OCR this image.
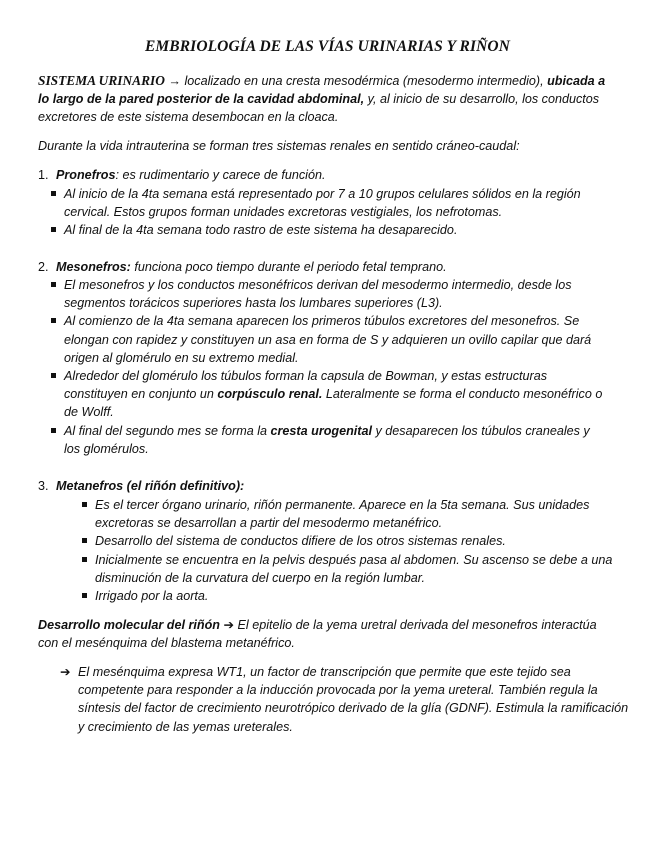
EMBRIOLOGÍA DE LAS VÍAS URINARIAS Y RIÑON
SISTEMA URINARIO → localizado en una cresta mesodérmica (mesodermo intermedio), ubicada a lo largo de la pared posterior de la cavidad abdominal, y, al inicio de su desarrollo, los conductos excretores de este sistema desembocan en la cloaca.
Durante la vida intrauterina se forman tres sistemas renales en sentido cráneo-caudal:
1. Pronefros: es rudimentario y carece de función.
Al inicio de la 4ta semana está representado por 7 a 10 grupos celulares sólidos en la región cervical. Estos grupos forman unidades excretoras vestigiales, los nefrotomas.
Al final de la 4ta semana todo rastro de este sistema ha desaparecido.
2. Mesonefros: funciona poco tiempo durante el periodo fetal temprano.
El mesonefros y los conductos mesonéfricos derivan del mesodermo intermedio, desde los segmentos torácicos superiores hasta los lumbares superiores (L3).
Al comienzo de la 4ta semana aparecen los primeros túbulos excretores del mesonefros. Se elongan con rapidez y constituyen un asa en forma de S y adquieren un ovillo capilar que dará origen al glomérulo en su extremo medial.
Alrededor del glomérulo los túbulos forman la capsula de Bowman, y estas estructuras constituyen en conjunto un corpúsculo renal. Lateralmente se forma el conducto mesonéfrico o de Wolff.
Al final del segundo mes se forma la cresta urogenital y desaparecen los túbulos craneales y los glomérulos.
3. Metanefros (el riñón definitivo):
Es el tercer órgano urinario, riñón permanente. Aparece en la 5ta semana. Sus unidades excretoras se desarrollan a partir del mesodermo metanéfrico.
Desarrollo del sistema de conductos difiere de los otros sistemas renales.
Inicialmente se encuentra en la pelvis después pasa al abdomen. Su ascenso se debe a una disminución de la curvatura del cuerpo en la región lumbar.
Irrigado por la aorta.
Desarrollo molecular del riñón ➔ El epitelio de la yema uretral derivada del mesonefros interactúa con el mesénquima del blastema metanéfrico.
➔ El mesénquima expresa WT1, un factor de transcripción que permite que este tejido sea competente para responder a la inducción provocada por la yema ureteral. También regula la síntesis del factor de crecimiento neurotrópico derivado de la glía (GDNF). Estimula la ramificación y crecimiento de las yemas ureterales.
